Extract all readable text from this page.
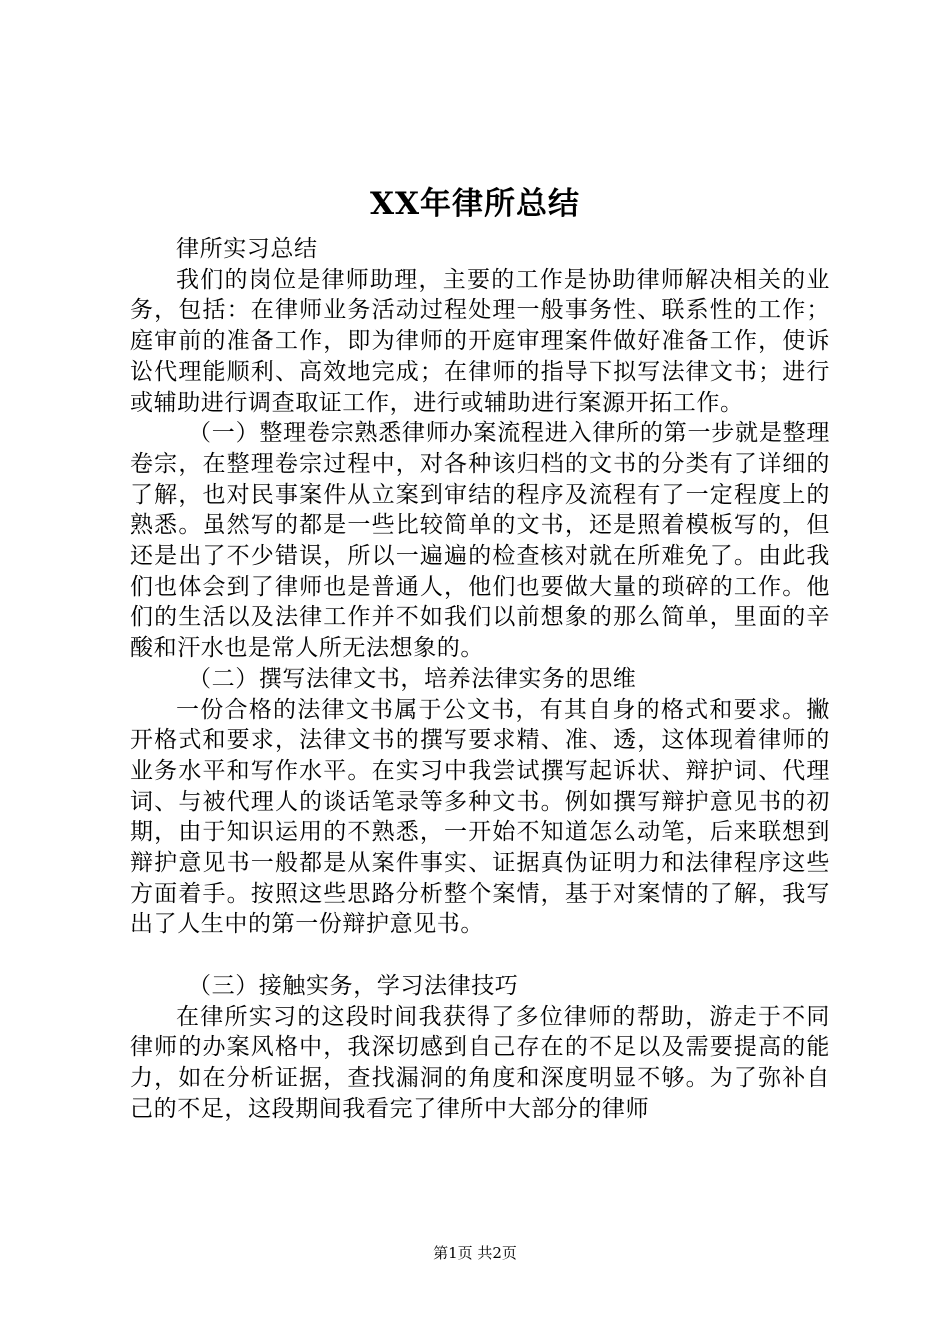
XX年律所总结

律所实习总结

我们的岗位是律师助理，主要的工作是协助律师解决相关的业务，包括：在律师业务活动过程处理一般事务性、联系性的工作；庭审前的准备工作，即为律师的开庭审理案件做好准备工作，使诉讼代理能顺利、高效地完成；在律师的指导下拟写法律文书；进行或辅助进行调查取证工作，进行或辅助进行案源开拓工作。

（一）整理卷宗熟悉律师办案流程进入律所的第一步就是整理卷宗，在整理卷宗过程中，对各种该归档的文书的分类有了详细的了解，也对民事案件从立案到审结的程序及流程有了一定程度上的熟悉。虽然写的都是一些比较简单的文书，还是照着模板写的，但还是出了不少错误，所以一遍遍的检查核对就在所难免了。由此我们也体会到了律师也是普通人，他们也要做大量的琐碎的工作。他们的生活以及法律工作并不如我们以前想象的那么简单，里面的辛酸和汗水也是常人所无法想象的。

（二）撰写法律文书，培养法律实务的思维

一份合格的法律文书属于公文书，有其自身的格式和要求。撇开格式和要求，法律文书的撰写要求精、准、透，这体现着律师的业务水平和写作水平。在实习中我尝试撰写起诉状、辩护词、代理词、与被代理人的谈话笔录等多种文书。例如撰写辩护意见书的初期，由于知识运用的不熟悉，一开始不知道怎么动笔，后来联想到辩护意见书一般都是从案件事实、证据真伪证明力和法律程序这些方面着手。按照这些思路分析整个案情，基于对案情的了解，我写出了人生中的第一份辩护意见书。

（三）接触实务，学习法律技巧

在律所实习的这段时间我获得了多位律师的帮助，游走于不同律师的办案风格中，我深切感到自己存在的不足以及需要提高的能力，如在分析证据，查找漏洞的角度和深度明显不够。为了弥补自己的不足，这段期间我看完了律所中大部分的律师

第1页 共2页
